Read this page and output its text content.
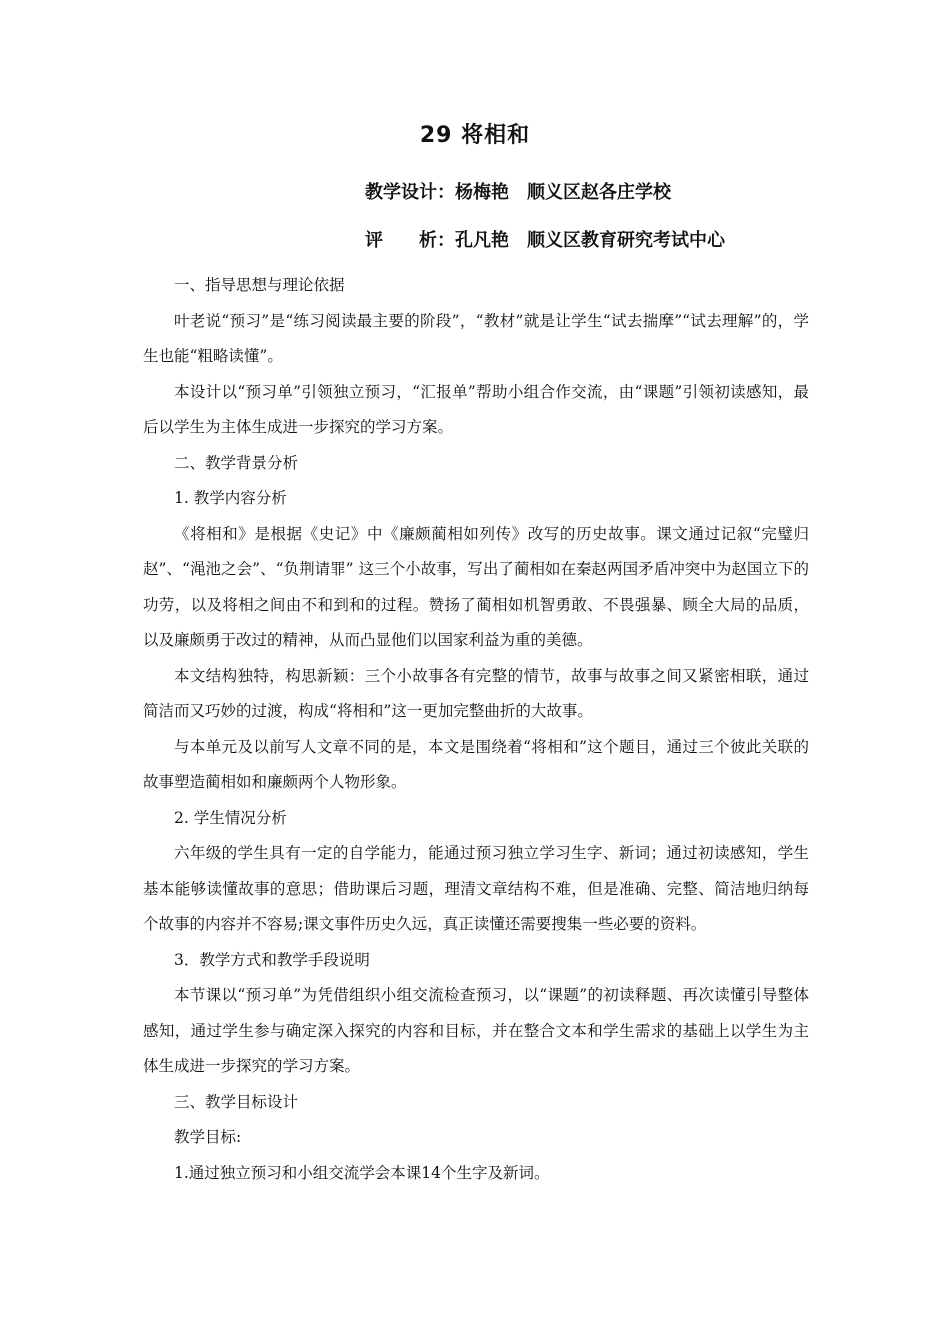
29 将相和
教学设计：杨梅艳 顺义区赵各庄学校
评　　析：孔凡艳 顺义区教育研究考试中心

一、指导思想与理论依据

叶老说“预习”是“练习阅读最主要的阶段”，“教材”就是让学生“试去揣摩”“试去理解”的，学生也能“粗略读懂”。

本设计以“预习单”引领独立预习，“汇报单”帮助小组合作交流，由“课题”引领初读感知，最后以学生为主体生成进一步探究的学习方案。

二、教学背景分析

1. 教学内容分析

《将相和》是根据《史记》中《廉颇蔺相如列传》改写的历史故事。课文通过记叙“完璧归赵”、“渑池之会”、“负荆请罪” 这三个小故事，写出了蔺相如在秦赵两国矛盾冲突中为赵国立下的功劳，以及将相之间由不和到和的过程。赞扬了蔺相如机智勇敢、不畏强暴、顾全大局的品质，以及廉颇勇于改过的精神，从而凸显他们以国家利益为重的美德。

本文结构独特，构思新颖：三个小故事各有完整的情节，故事与故事之间又紧密相联，通过简洁而又巧妙的过渡，构成“将相和”这一更加完整曲折的大故事。

与本单元及以前写人文章不同的是，本文是围绕着“将相和”这个题目，通过三个彼此关联的故事塑造蔺相如和廉颇两个人物形象。

2. 学生情况分析

六年级的学生具有一定的自学能力，能通过预习独立学习生字、新词；通过初读感知，学生基本能够读懂故事的意思；借助课后习题，理清文章结构不难，但是准确、完整、简洁地归纳每个故事的内容并不容易;课文事件历史久远，真正读懂还需要搜集一些必要的资料。

3．教学方式和教学手段说明

本节课以“预习单”为凭借组织小组交流检查预习，以“课题”的初读释题、再次读懂引导整体感知，通过学生参与确定深入探究的内容和目标，并在整合文本和学生需求的基础上以学生为主体生成进一步探究的学习方案。

三、教学目标设计

教学目标:

1.通过独立预习和小组交流学会本课14个生字及新词。
